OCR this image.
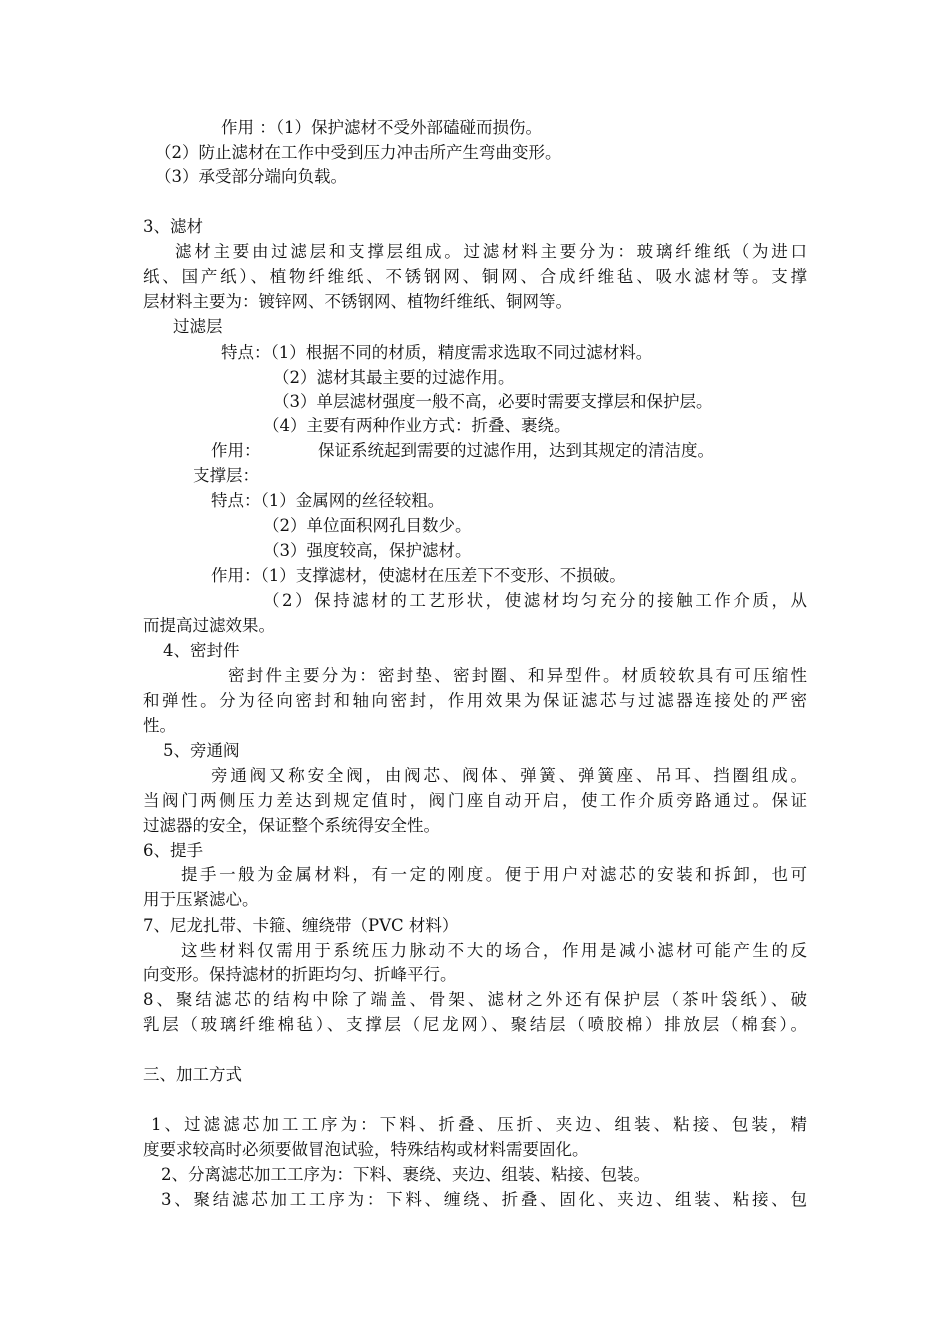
作用 ：（1）保护滤材不受外部磕碰而损伤。
（2）防止滤材在工作中受到压力冲击所产生弯曲变形。
（3）承受部分端向负载。
3、滤材
滤材主要由过滤层和支撑层组成。过滤材料主要分为：玻璃纤维纸（为进口
纸、国产纸）、植物纤维纸、不锈钢网、铜网、合成纤维毡、吸水滤材等。支撑
层材料主要为：镀锌网、不锈钢网、植物纤维纸、铜网等。
过滤层
特点：（1）根据不同的材质，精度需求选取不同过滤材料。
（2）滤材其最主要的过滤作用。
（3）单层滤材强度一般不高，必要时需要支撑层和保护层。
（4）主要有两种作业方式：折叠、裹绕。
作用：	保证系统起到需要的过滤作用，达到其规定的清洁度。
支撑层：
特点：（1）金属网的丝径较粗。
（2）单位面积网孔目数少。
（3）强度较高，保护滤材。
作用：（1）支撑滤材，使滤材在压差下不变形、不损破。
（2）保持滤材的工艺形状，使滤材均匀充分的接触工作介质，从
而提高过滤效果。
4、密封件
密封件主要分为：密封垫、密封圈、和异型件。材质较软具有可压缩性
和弹性。分为径向密封和轴向密封，作用效果为保证滤芯与过滤器连接处的严密
性。
5、旁通阀
旁通阀又称安全阀，由阀芯、阀体、弹簧、弹簧座、吊耳、挡圈组成。
当阀门两侧压力差达到规定值时，阀门座自动开启，使工作介质旁路通过。保证
过滤器的安全，保证整个系统得安全性。
6、提手
提手一般为金属材料，有一定的刚度。便于用户对滤芯的安装和拆卸，也可
用于压紧滤心。
7、尼龙扎带、卡箍、缠绕带（PVC 材料）
这些材料仅需用于系统压力脉动不大的场合，作用是减小滤材可能产生的反
向变形。保持滤材的折距均匀、折峰平行。
8、聚结滤芯的结构中除了端盖、骨架、滤材之外还有保护层（茶叶袋纸）、破
乳层（玻璃纤维棉毡）、支撑层（尼龙网）、聚结层（喷胶棉）排放层（棉套）。
三、加工方式
1、过滤滤芯加工工序为：下料、折叠、压折、夹边、组装、粘接、包装，精
度要求较高时必须要做冒泡试验，特殊结构或材料需要固化。
2、分离滤芯加工工序为：下料、裹绕、夹边、组装、粘接、包装。
3、聚结滤芯加工工序为：下料、缠绕、折叠、固化、夹边、组装、粘接、包
